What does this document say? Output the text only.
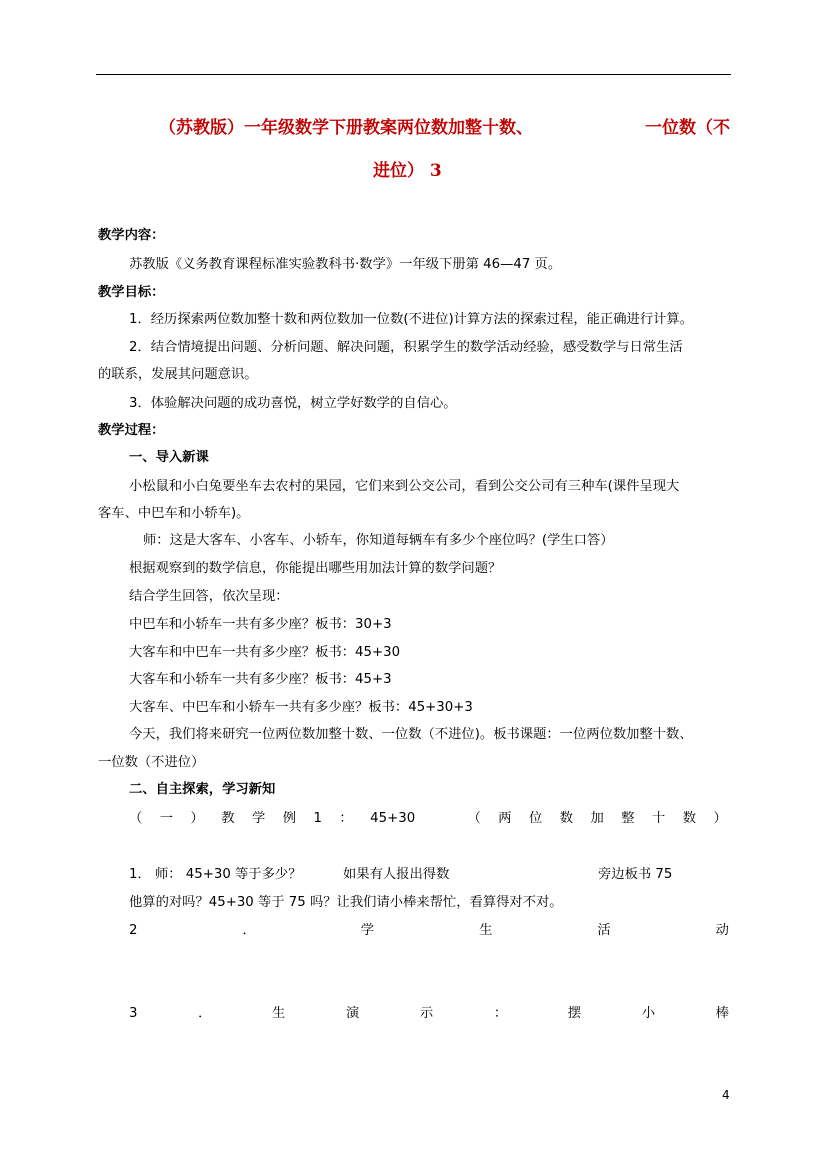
（苏教版）一年级数学下册教案两位数加整十数、	一位数（不
进位） 3
教学内容：
苏教版《义务教育课程标准实验教科书·数学》一年级下册第 46—47 页。
教学目标：
1．经历探索两位数加整十数和两位数加一位数(不进位)计算方法的探索过程，能正确进行计算。
2．结合情境提出问题、分析问题、解决问题，积累学生的数学活动经验，感受数学与日常生活
的联系，发展其问题意识。
3．体验解决问题的成功喜悦，树立学好数学的自信心。
教学过程：
一、导入新课
小松鼠和小白兔要坐车去农村的果园，它们来到公交公司，看到公交公司有三种车(课件呈现大
客车、中巴车和小轿车)。
师：这是大客车、小客车、小轿车，你知道每辆车有多少个座位吗？(学生口答）
根据观察到的数学信息，你能提出哪些用加法计算的数学问题？
结合学生回答，依次呈现：
中巴车和小轿车一共有多少座？板书：30+3
大客车和中巴车一共有多少座？板书：45+30
大客车和小轿车一共有多少座？板书：45+3
大客车、中巴车和小轿车一共有多少座？板书：45+30+3
今天，我们将来研究一位两位数加整十数、一位数（不进位)。板书课题：一位两位数加整十数、
一位数（不进位）
二、自主探索，学习新知
（ 一 ） 教 学 例 1 ： 45+30	（ 两 位 数 加 整 十 数 ）
1． 师： 45+30 等于多少？	如果有人报出得数	旁边板书 75
他算的对吗？45+30 等于 75 吗？让我们请小棒来帮忙，看算得对不对。
2	．	学	生	活	动
3	．	生	演	示	：	摆	小	棒
4
